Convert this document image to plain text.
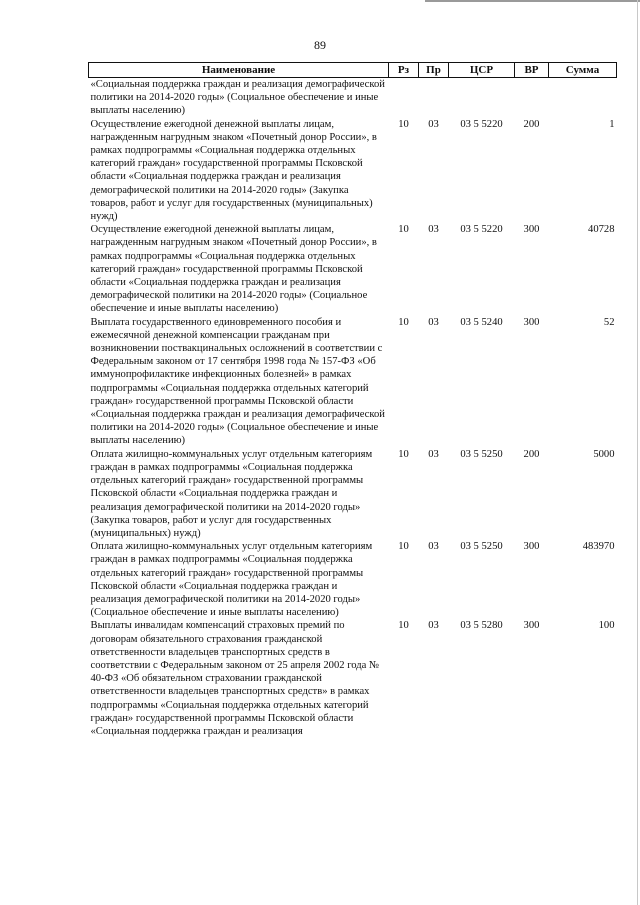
89
Наименование	Рз	Пр	ЦСР	ВР	Сумма
«Социальная поддержка граждан и реализация демографической политики на 2014-2020 годы» (Социальное обеспечение и иные выплаты населению)					
Осуществление ежегодной денежной выплаты лицам, награжденным нагрудным знаком «Почетный донор России», в рамках подпрограммы «Социальная поддержка отдельных категорий граждан» государственной программы Псковской области «Социальная поддержка граждан и реализация демографической политики на 2014-2020 годы» (Закупка товаров, работ и услуг для государственных (муниципальных) нужд)	10	03	03 5 5220	200	1
Осуществление ежегодной денежной выплаты лицам, награжденным нагрудным знаком «Почетный донор России», в рамках подпрограммы «Социальная поддержка отдельных категорий граждан» государственной программы Псковской области «Социальная поддержка граждан и реализация демографической политики на 2014-2020 годы» (Социальное обеспечение и иные выплаты населению)	10	03	03 5 5220	300	40728
Выплата государственного единовременного пособия и ежемесячной денежной компенсации гражданам при возникновении поствакцинальных осложнений в соответствии с Федеральным законом от 17 сентября 1998 года № 157-ФЗ «Об иммунопрофилактике инфекционных болезней» в рамках подпрограммы «Социальная поддержка отдельных категорий граждан» государственной программы Псковской области «Социальная поддержка граждан и реализация демографической политики на 2014-2020 годы» (Социальное обеспечение и иные выплаты населению)	10	03	03 5 5240	300	52
Оплата жилищно-коммунальных услуг отдельным категориям граждан в рамках подпрограммы «Социальная поддержка отдельных категорий граждан» государственной программы Псковской области «Социальная поддержка граждан и реализация демографической политики на 2014-2020 годы» (Закупка товаров, работ и услуг для государственных (муниципальных) нужд)	10	03	03 5 5250	200	5000
Оплата жилищно-коммунальных услуг отдельным категориям граждан в рамках подпрограммы «Социальная поддержка отдельных категорий граждан» государственной программы Псковской области «Социальная поддержка граждан и реализация демографической политики на 2014-2020 годы» (Социальное обеспечение и иные выплаты населению)	10	03	03 5 5250	300	483970
Выплаты инвалидам компенсаций страховых премий по договорам обязательного страхования гражданской ответственности владельцев транспортных средств в соответствии с Федеральным законом от 25 апреля 2002 года № 40-ФЗ «Об обязательном страховании гражданской ответственности владельцев транспортных средств» в рамках подпрограммы «Социальная поддержка отдельных категорий граждан» государственной программы Псковской области «Социальная поддержка граждан и реализация	10	03	03 5 5280	300	100
